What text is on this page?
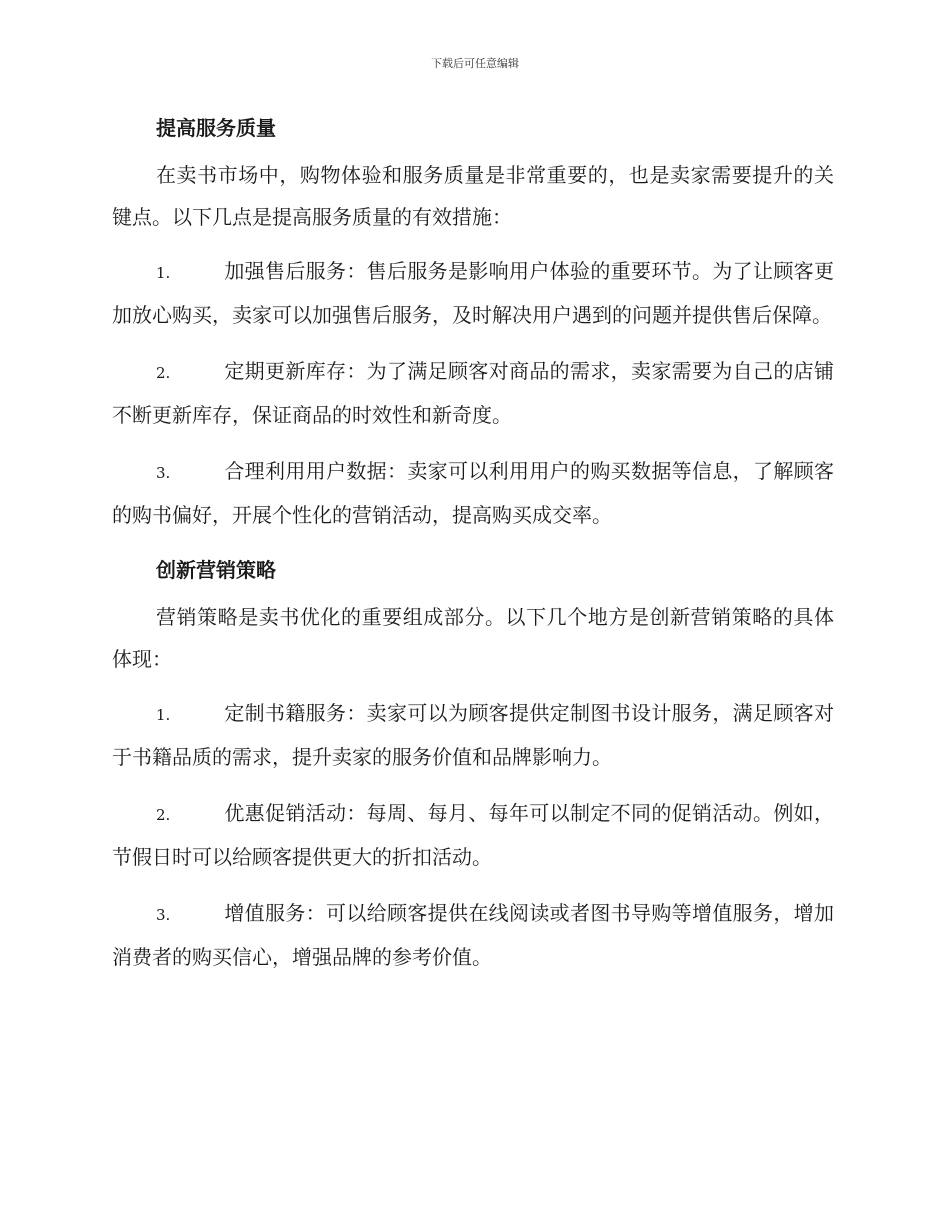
下载后可任意编辑
提高服务质量

在卖书市场中，购物体验和服务质量是非常重要的，也是卖家需要提升的关键点。以下几点是提高服务质量的有效措施：

1.	加强售后服务：售后服务是影响用户体验的重要环节。为了让顾客更加放心购买，卖家可以加强售后服务，及时解决用户遇到的问题并提供售后保障。

2.	定期更新库存：为了满足顾客对商品的需求，卖家需要为自己的店铺不断更新库存，保证商品的时效性和新奇度。

3.	合理利用用户数据：卖家可以利用用户的购买数据等信息，了解顾客的购书偏好，开展个性化的营销活动，提高购买成交率。

创新营销策略

营销策略是卖书优化的重要组成部分。以下几个地方是创新营销策略的具体体现：

1.	定制书籍服务：卖家可以为顾客提供定制图书设计服务，满足顾客对于书籍品质的需求，提升卖家的服务价值和品牌影响力。

2.	优惠促销活动：每周、每月、每年可以制定不同的促销活动。例如，节假日时可以给顾客提供更大的折扣活动。

3.	增值服务：可以给顾客提供在线阅读或者图书导购等增值服务，增加消费者的购买信心，增强品牌的参考价值。
